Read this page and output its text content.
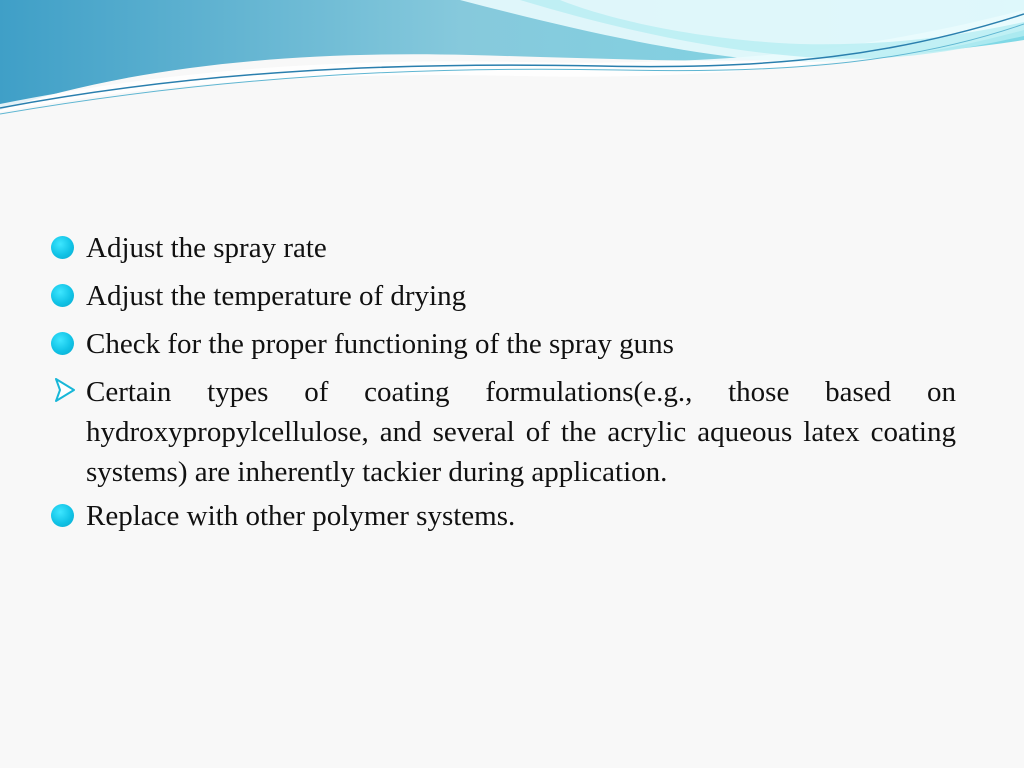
Adjust the spray rate
Adjust the temperature of drying
Check for the proper functioning of the spray guns
Certain types of coating formulations(e.g., those based on hydroxypropylcellulose, and several of the acrylic aqueous latex coating systems) are inherently tackier during application.
Replace with other polymer systems.
